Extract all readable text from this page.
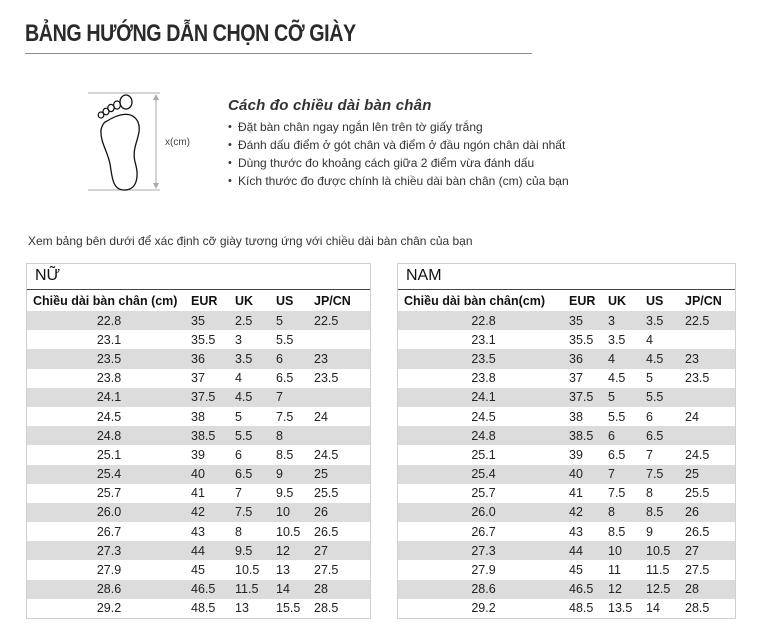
BẢNG HƯỚNG DẪN CHỌN CỠ GIÀY
x(cm)
Cách đo chiều dài bàn chân
• Đặt bàn chân ngay ngắn lên trên tờ giấy trắng
• Đánh dấu điểm ở gót chân và điểm ở đầu ngón chân dài nhất
• Dùng thước đo khoảng cách giữa 2 điểm vừa đánh dấu
• Kích thước đo được chính là chiều dài bàn chân (cm) của bạn
Xem bảng bên dưới để xác định cỡ giày tương ứng với chiều dài bàn chân của bạn
NỮ
Chiều dài bàn chân (cm)	EUR	UK	US	JP/CN
22.8	35	2.5	5	22.5
23.1	35.5	3	5.5	
23.5	36	3.5	6	23
23.8	37	4	6.5	23.5
24.1	37.5	4.5	7	
24.5	38	5	7.5	24
24.8	38.5	5.5	8	
25.1	39	6	8.5	24.5
25.4	40	6.5	9	25
25.7	41	7	9.5	25.5
26.0	42	7.5	10	26
26.7	43	8	10.5	26.5
27.3	44	9.5	12	27
27.9	45	10.5	13	27.5
28.6	46.5	11.5	14	28
29.2	48.5	13	15.5	28.5
NAM
Chiều dài bàn chân(cm)	EUR	UK	US	JP/CN
22.8	35	3	3.5	22.5
23.1	35.5	3.5	4	
23.5	36	4	4.5	23
23.8	37	4.5	5	23.5
24.1	37.5	5	5.5	
24.5	38	5.5	6	24
24.8	38.5	6	6.5	
25.1	39	6.5	7	24.5
25.4	40	7	7.5	25
25.7	41	7.5	8	25.5
26.0	42	8	8.5	26
26.7	43	8.5	9	26.5
27.3	44	10	10.5	27
27.9	45	11	11.5	27.5
28.6	46.5	12	12.5	28
29.2	48.5	13.5	14	28.5
